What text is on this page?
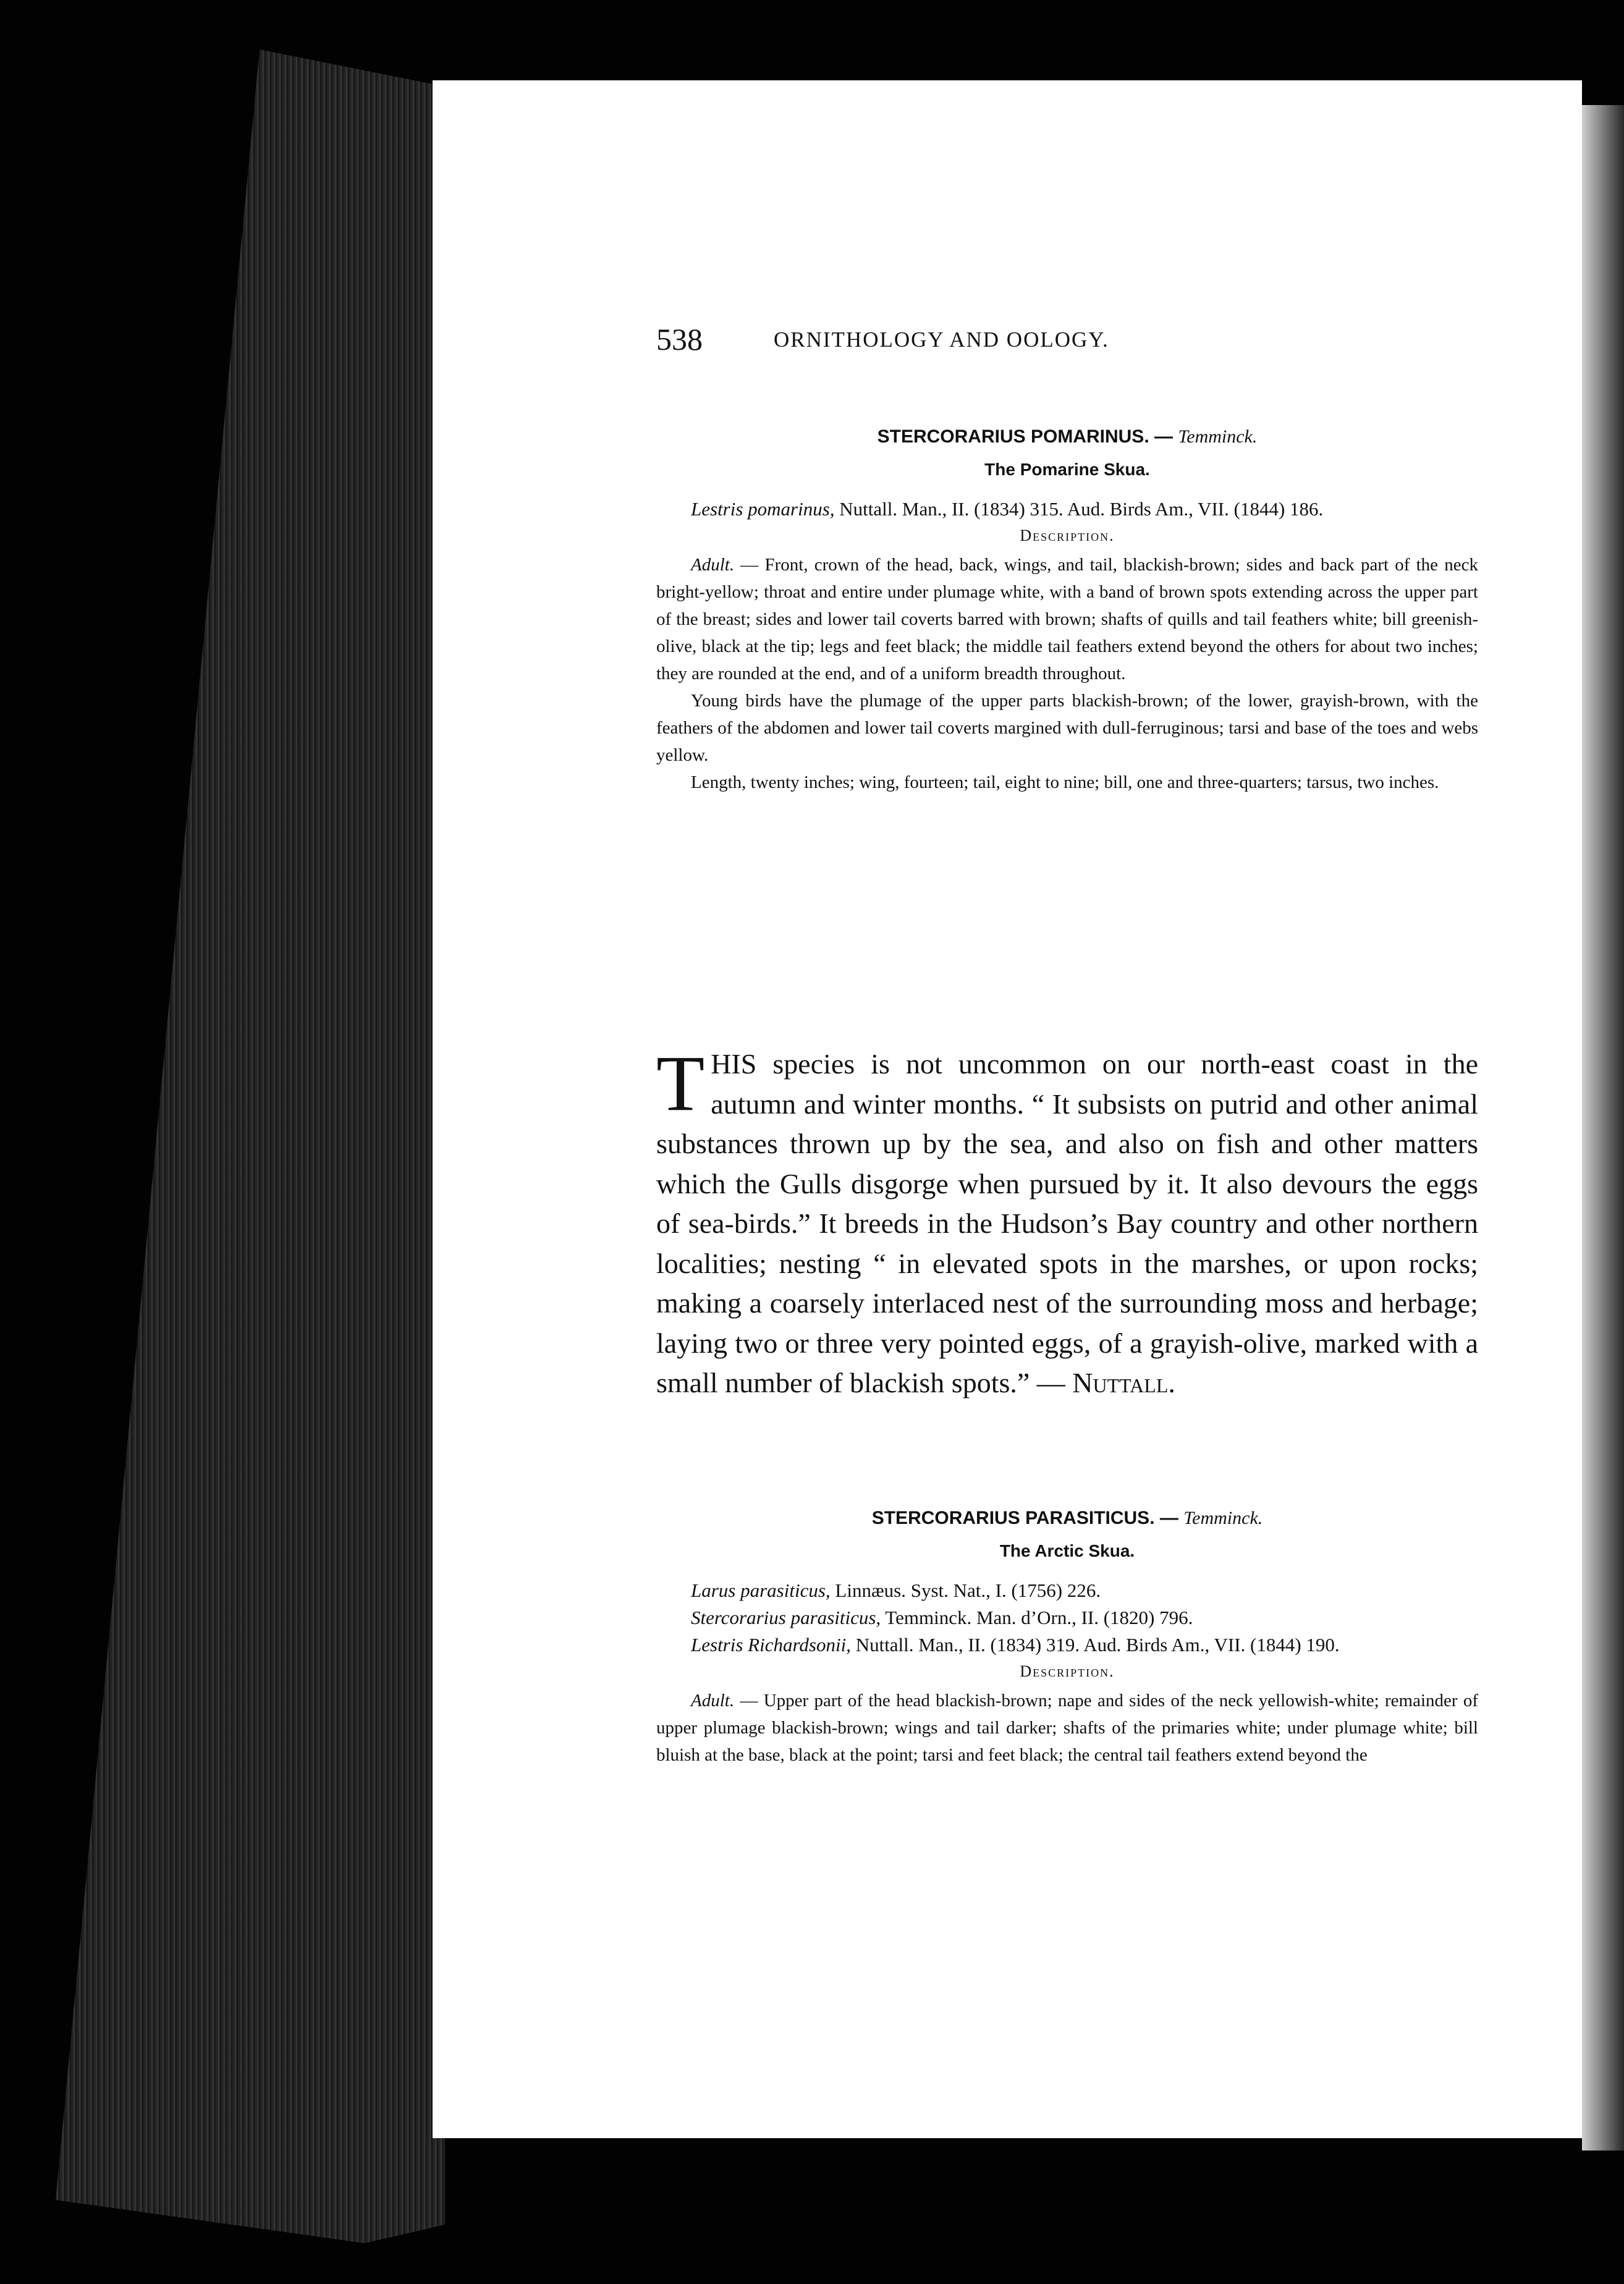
538	ORNITHOLOGY AND OOLOGY.
STERCORARIUS POMARINUS. — Temminck.
The Pomarine Skua.

Lestris pomarinus, Nuttall. Man., II. (1834) 315. Aud. Birds Am., VII. (1844) 186.

Description.

Adult. — Front, crown of the head, back, wings, and tail, blackish-brown; sides and back part of the neck bright-yellow; throat and entire under plumage white, with a band of brown spots extending across the upper part of the breast; sides and lower tail coverts barred with brown; shafts of quills and tail feathers white; bill greenish-olive, black at the tip; legs and feet black; the middle tail feathers extend beyond the others for about two inches; they are rounded at the end, and of a uniform breadth throughout.

Young birds have the plumage of the upper parts blackish-brown; of the lower, grayish-brown, with the feathers of the abdomen and lower tail coverts margined with dull-ferruginous; tarsi and base of the toes and webs yellow.

Length, twenty inches; wing, fourteen; tail, eight to nine; bill, one and three-quarters; tarsus, two inches.

THIS species is not uncommon on our north-east coast in the autumn and winter months. “ It subsists on putrid and other animal substances thrown up by the sea, and also on fish and other matters which the Gulls disgorge when pursued by it. It also devours the eggs of sea-birds.” It breeds in the Hudson’s Bay country and other northern localities; nesting “ in elevated spots in the marshes, or upon rocks; making a coarsely interlaced nest of the surrounding moss and herbage; laying two or three very pointed eggs, of a grayish-olive, marked with a small number of blackish spots.” — Nuttall.
STERCORARIUS PARASITICUS. — Temminck.
The Arctic Skua.

Larus parasiticus, Linnæus. Syst. Nat., I. (1756) 226.

Stercorarius parasiticus, Temminck. Man. d’Orn., II. (1820) 796.

Lestris Richardsonii, Nuttall. Man., II. (1834) 319. Aud. Birds Am., VII. (1844) 190.

Description.

Adult. — Upper part of the head blackish-brown; nape and sides of the neck yellowish-white; remainder of upper plumage blackish-brown; wings and tail darker; shafts of the primaries white; under plumage white; bill bluish at the base, black at the point; tarsi and feet black; the central tail feathers extend beyond the
